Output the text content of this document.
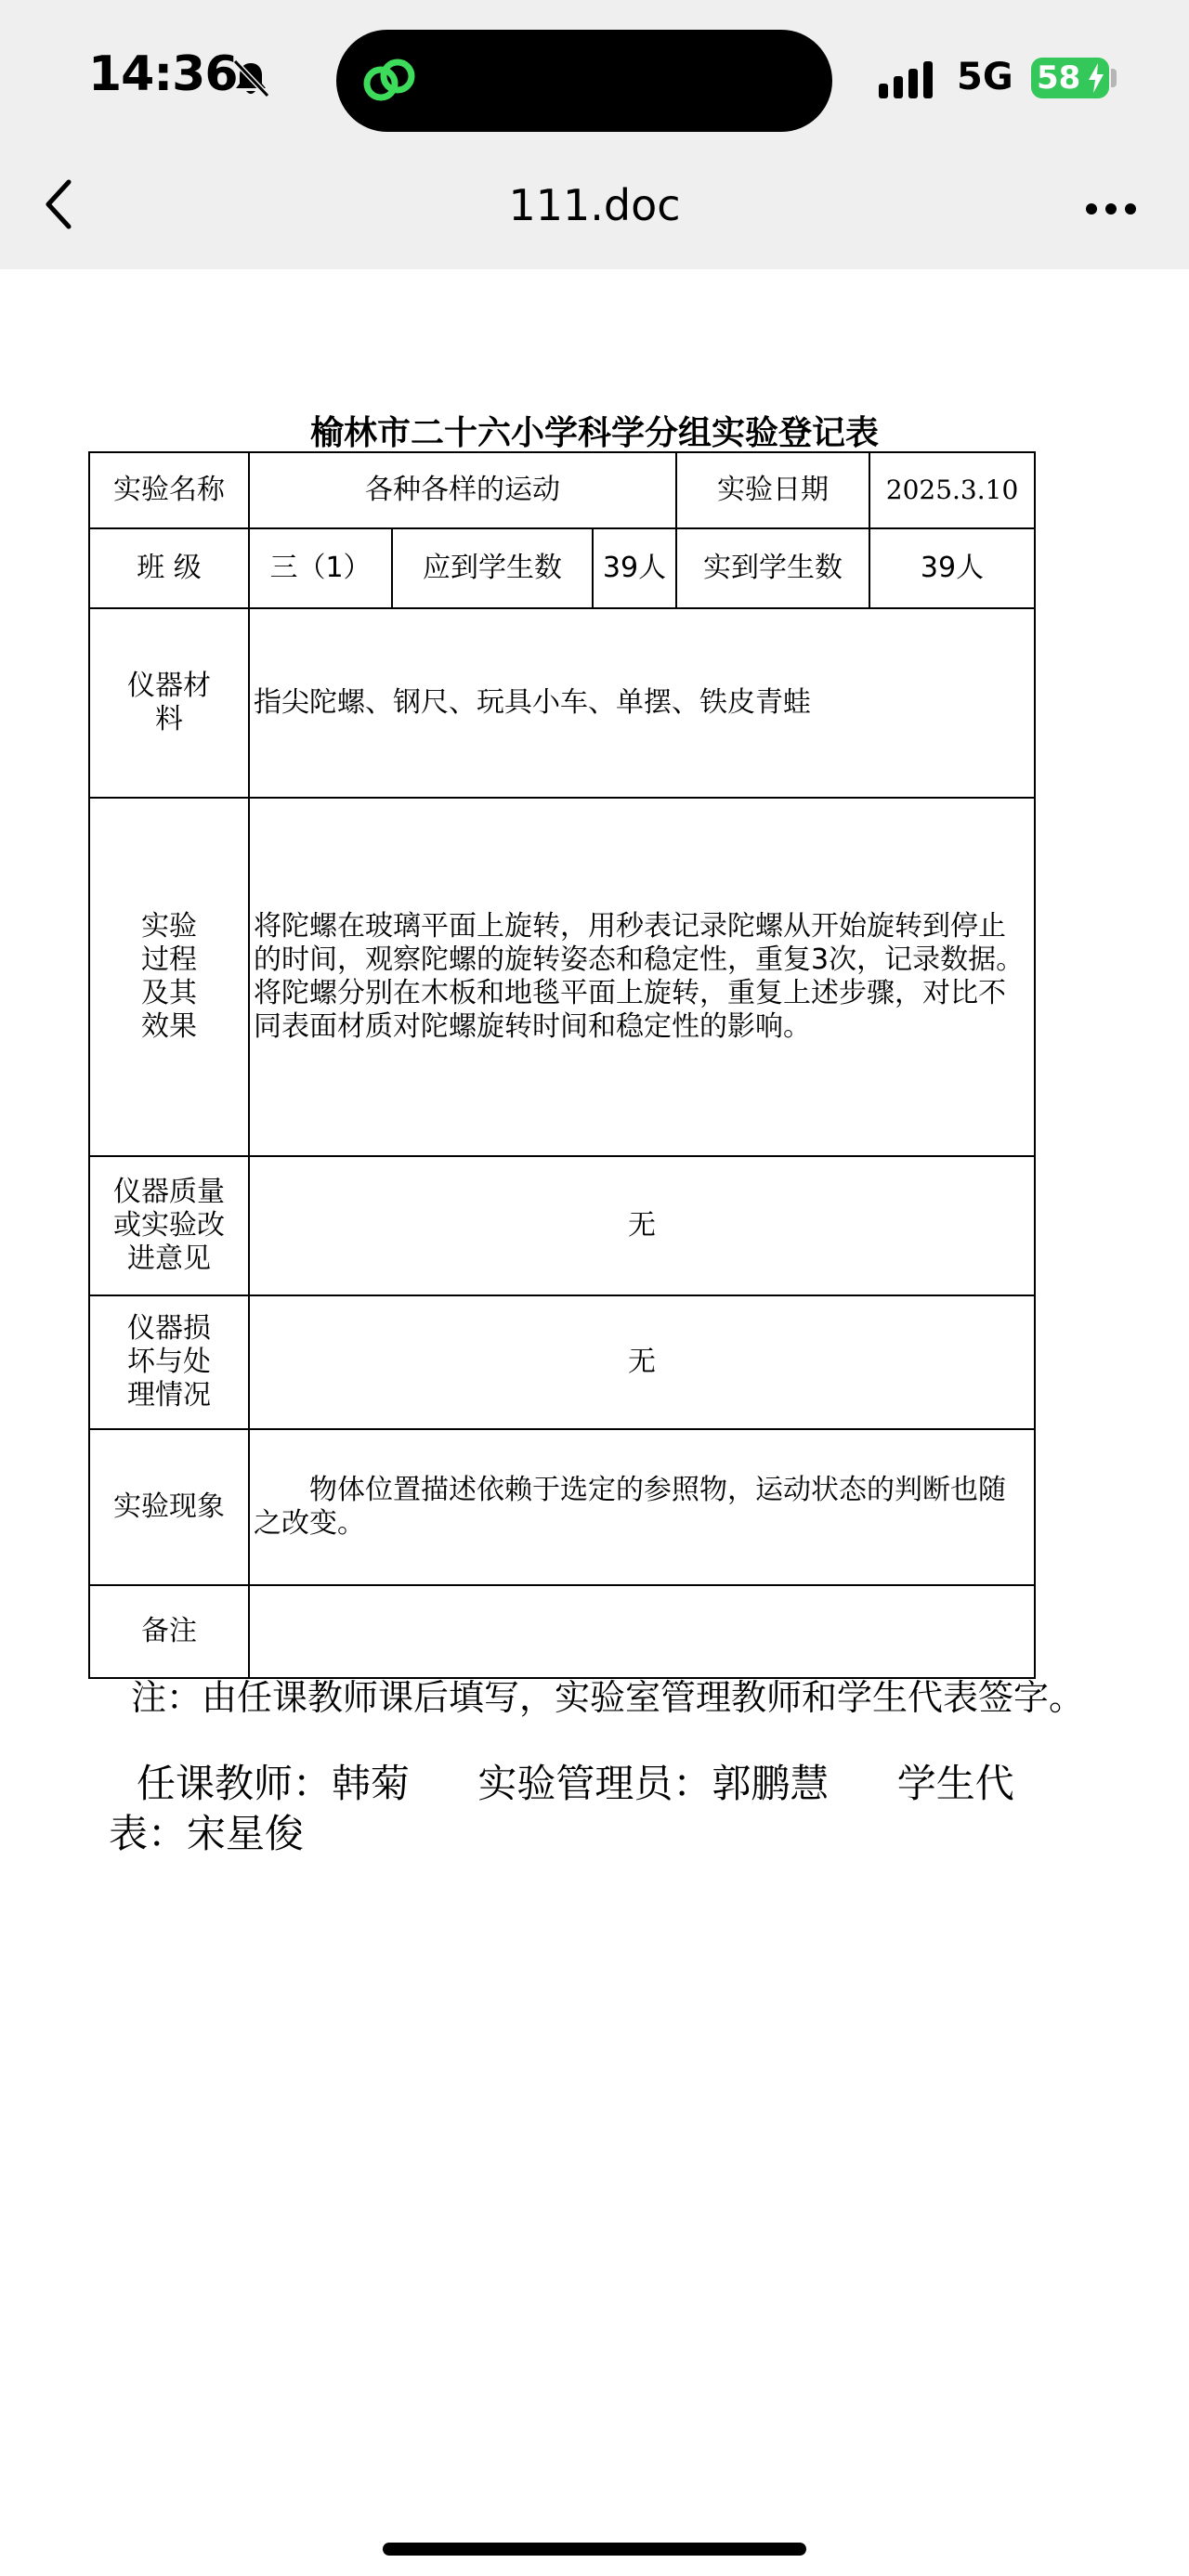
14:36	5G 58
111.doc
榆林市二十六小学科学分组实验登记表
实验名称	各种各样的运动			实验日期	2025.3.10
班 级	三（1）	应到学生数	39人	实到学生数	39人
仪器材料	指尖陀螺、钢尺、玩具小车、单摆、铁皮青蛙				
实验过程及其效果	将陀螺在玻璃平面上旋转，用秒表记录陀螺从开始旋转到停止的时间，观察陀螺的旋转姿态和稳定性，重复3次，记录数据。将陀螺分别在木板和地毯平面上旋转，重复上述步骤，对比不同表面材质对陀螺旋转时间和稳定性的影响。				
仪器质量或实验改进意见	无				
仪器损坏与处理情况	无				
实验现象	物体位置描述依赖于选定的参照物，运动状态的判断也随之改变。				
备注					
注：由任课教师课后填写，实验室管理教师和学生代表签字。
任课教师：韩菊 实验管理员：郭鹏慧 学生代表：宋星俊
